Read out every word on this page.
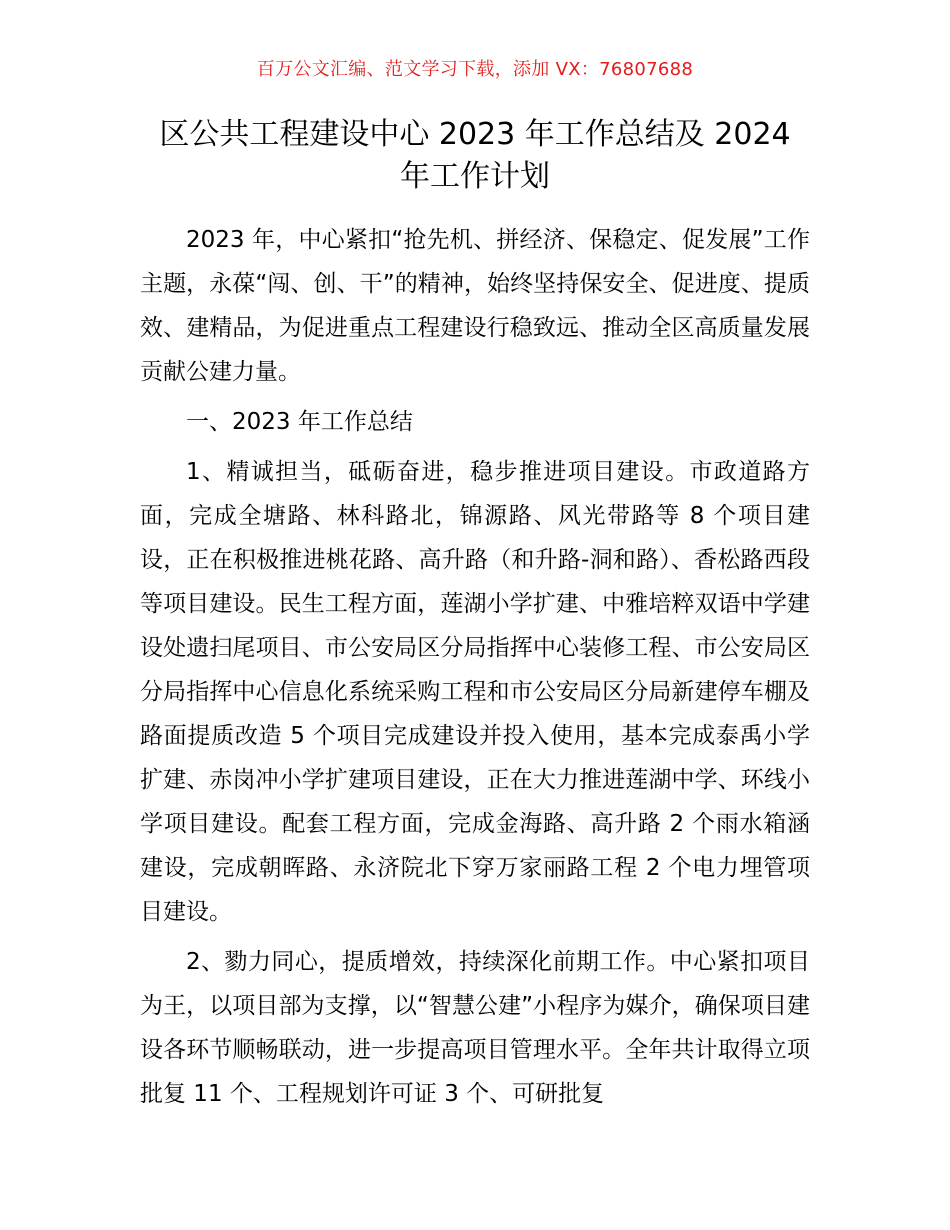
百万公文汇编、范文学习下载，添加 VX：76807688
区公共工程建设中心 2023 年工作总结及 2024 年工作计划

2023 年，中心紧扣“抢先机、拼经济、保稳定、促发展”工作主题，永葆“闯、创、干”的精神，始终坚持保安全、促进度、提质效、建精品，为促进重点工程建设行稳致远、推动全区高质量发展贡献公建力量。

一、2023 年工作总结

1、精诚担当，砥砺奋进，稳步推进项目建设。市政道路方面，完成全塘路、林科路北，锦源路、风光带路等 8 个项目建设，正在积极推进桃花路、高升路（和升路-洞和路）、香松路西段等项目建设。民生工程方面，莲湖小学扩建、中雅培粹双语中学建设处遗扫尾项目、市公安局区分局指挥中心装修工程、市公安局区分局指挥中心信息化系统采购工程和市公安局区分局新建停车棚及路面提质改造 5 个项目完成建设并投入使用，基本完成泰禹小学扩建、赤岗冲小学扩建项目建设，正在大力推进莲湖中学、环线小学项目建设。配套工程方面，完成金海路、高升路 2 个雨水箱涵建设，完成朝晖路、永济院北下穿万家丽路工程 2 个电力埋管项目建设。

2、勠力同心，提质增效，持续深化前期工作。中心紧扣项目为王，以项目部为支撑，以“智慧公建”小程序为媒介，确保项目建设各环节顺畅联动，进一步提高项目管理水平。全年共计取得立项批复 11 个、工程规划许可证 3 个、可研批复
